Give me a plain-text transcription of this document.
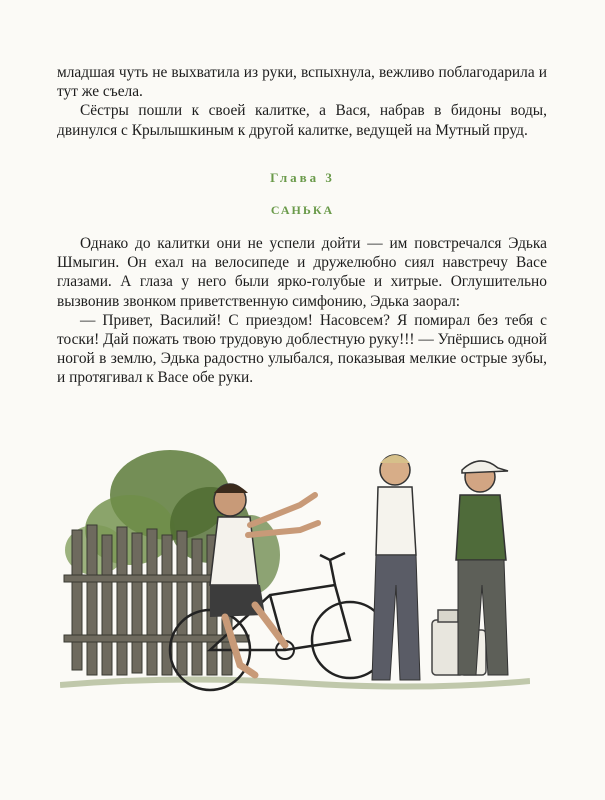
младшая чуть не выхватила из руки, вспыхнула, вежливо поблагодарила и тут же съела.

Сёстры пошли к своей калитке, а Вася, набрав в бидоны воды, двинулся с Крылышкиным к другой калитке, ведущей на Мутный пруд.

Глава 3
САНЬКА

Однако до калитки они не успели дойти — им повстречался Эдька Шмыгин. Он ехал на велосипеде и дружелюбно сиял навстречу Васе глазами. А глаза у него были ярко-голубые и хитрые. Оглушительно вызвонив звонком приветственную симфонию, Эдька заорал:

— Привет, Василий! С приездом! Насовсем? Я помирал без тебя с тоски! Дай пожать твою трудовую доблестную руку!!! — Упёршись одной ногой в землю, Эдька радостно улыбался, показывая мелкие острые зубы, и протягивал к Васе обе руки.
